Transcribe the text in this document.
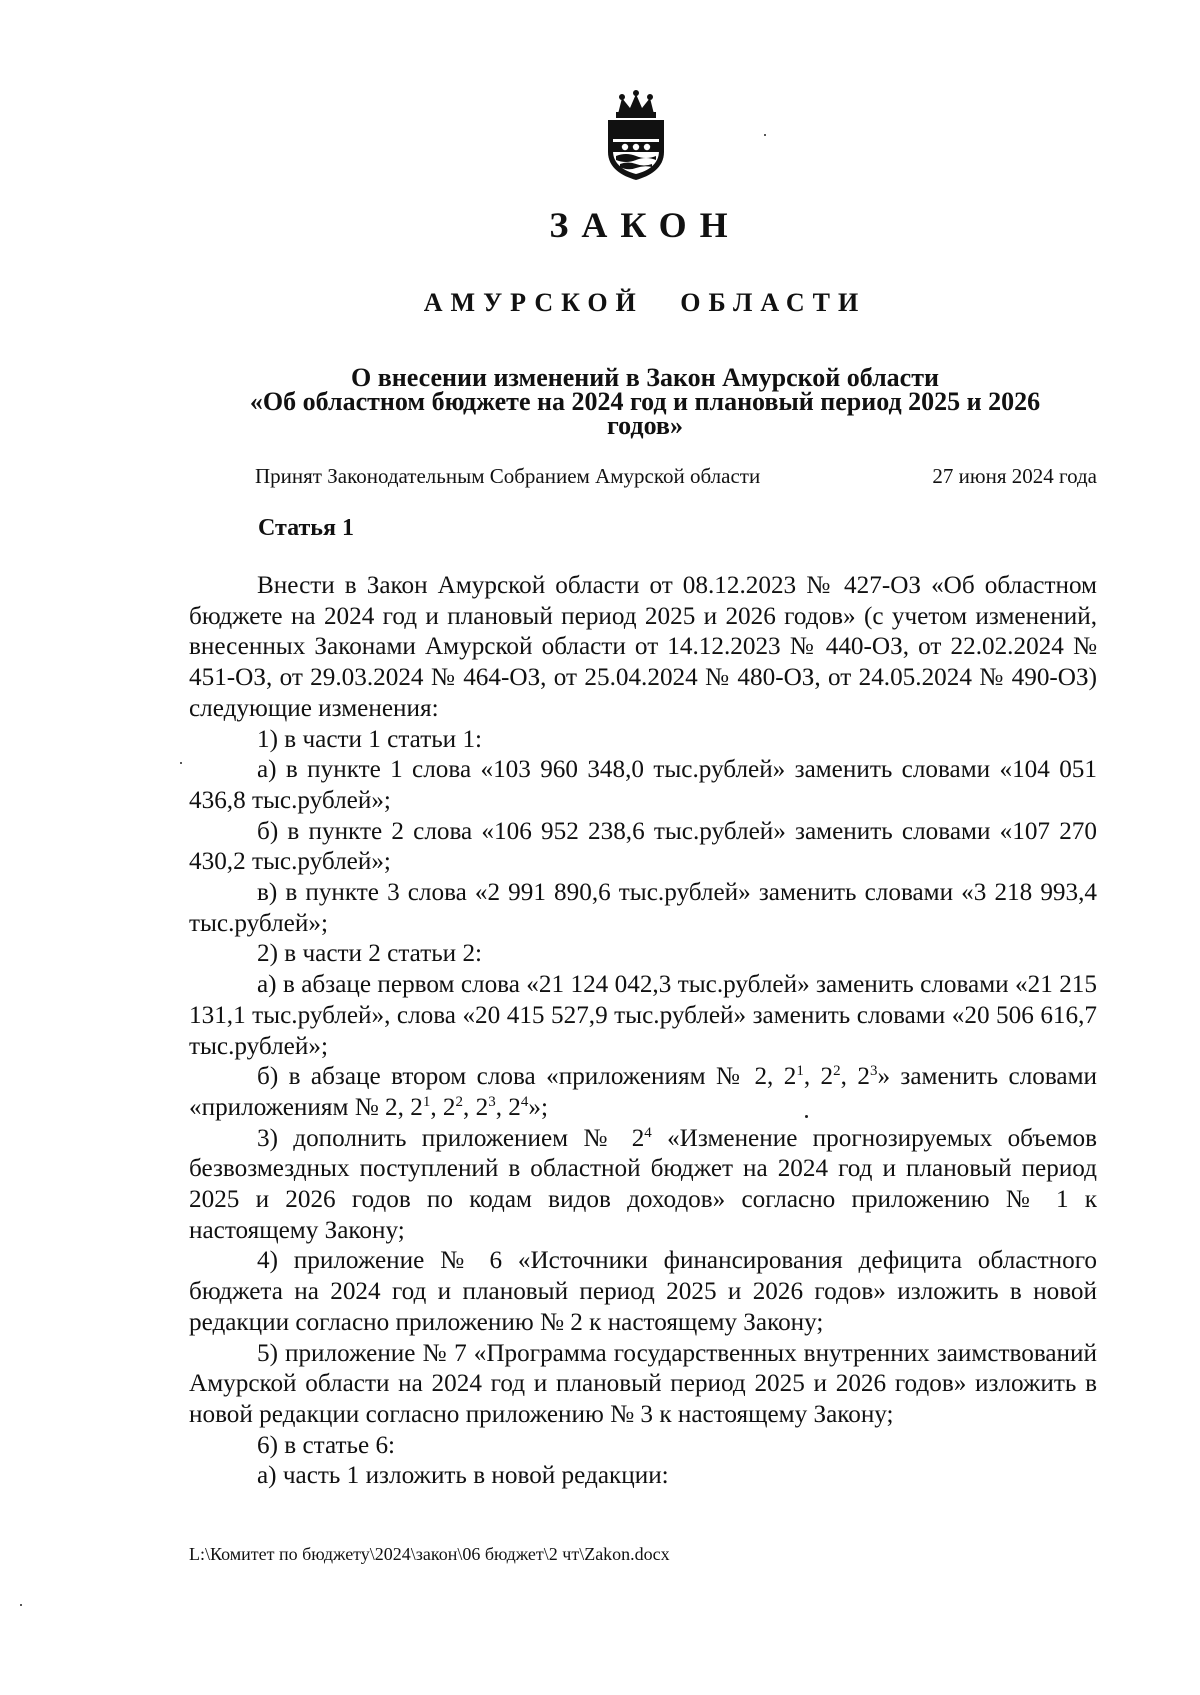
ЗАКОН
АМУРСКОЙ ОБЛАСТИ
О внесении изменений в Закон Амурской области
«Об областном бюджете на 2024 год и плановый период 2025 и 2026 годов»
Принят Законодательным Собранием Амурской области	27 июня 2024 года
Статья 1

Внести в Закон Амурской области от 08.12.2023 № 427-ОЗ «Об областном бюджете на 2024 год и плановый период 2025 и 2026 годов» (с учетом изменений, внесенных Законами Амурской области от 14.12.2023 № 440-ОЗ, от 22.02.2024 № 451-ОЗ, от 29.03.2024 № 464-ОЗ, от 25.04.2024 № 480-ОЗ, от 24.05.2024 № 490-ОЗ) следующие изменения:

1) в части 1 статьи 1:

а) в пункте 1 слова «103 960 348,0 тыс.рублей» заменить словами «104 051 436,8 тыс.рублей»;

б) в пункте 2 слова «106 952 238,6 тыс.рублей» заменить словами «107 270 430,2 тыс.рублей»;

в) в пункте 3 слова «2 991 890,6 тыс.рублей» заменить словами «3 218 993,4 тыс.рублей»;

2) в части 2 статьи 2:

а) в абзаце первом слова «21 124 042,3 тыс.рублей» заменить словами «21 215 131,1 тыс.рублей», слова «20 415 527,9 тыс.рублей» заменить словами «20 506 616,7 тыс.рублей»;

б) в абзаце втором слова «приложениям № 2, $2^1$, $2^2$, $2^3$» заменить словами «приложениям № 2, $2^1$, $2^2$, $2^3$, $2^4$»;

3) дополнить приложением № $2^4$ «Изменение прогнозируемых объемов безвозмездных поступлений в областной бюджет на 2024 год и плановый период 2025 и 2026 годов по кодам видов доходов» согласно приложению № 1 к настоящему Закону;

4) приложение № 6 «Источники финансирования дефицита областного бюджета на 2024 год и плановый период 2025 и 2026 годов» изложить в новой редакции согласно приложению № 2 к настоящему Закону;

5) приложение № 7 «Программа государственных внутренних заимствований Амурской области на 2024 год и плановый период 2025 и 2026 годов» изложить в новой редакции согласно приложению № 3 к настоящему Закону;

6) в статье 6:

а) часть 1 изложить в новой редакции:

L:\Комитет по бюджету\2024\закон\06 бюджет\2 чт\Zakon.docx
